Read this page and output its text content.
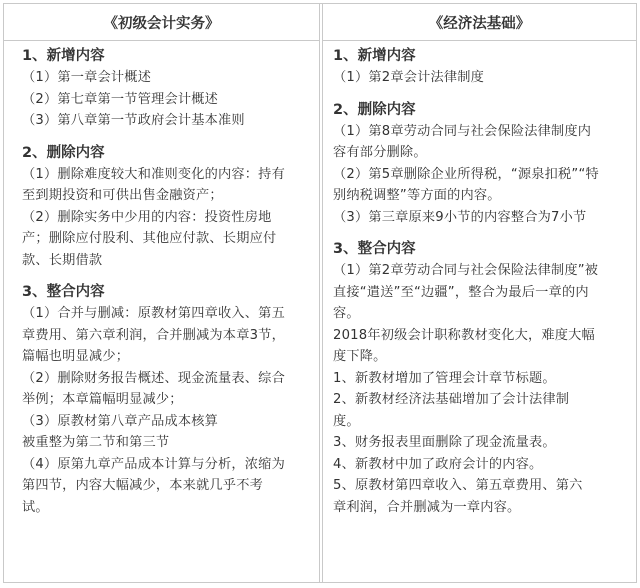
《初级会计实务》
1、新增内容
（1）第一章会计概述
（2）第七章第一节管理会计概述
（3）第八章第一节政府会计基本准则
2、删除内容
（1）删除难度较大和准则变化的内容：持有
至到期投资和可供出售金融资产；
（2）删除实务中少用的内容：投资性房地
产；删除应付股利、其他应付款、长期应付
款、长期借款
3、整合内容
（1）合并与删减：原教材第四章收入、第五
章费用、第六章利润，合并删减为本章3节，
篇幅也明显减少；
（2）删除财务报告概述、现金流量表、综合
举例；本章篇幅明显减少；
（3）原教材第八章产品成本核算
被重整为第二节和第三节
（4）原第九章产品成本计算与分析，浓缩为
第四节，内容大幅减少，本来就几乎不考
试。
《经济法基础》
1、新增内容
（1）第2章会计法律制度
2、删除内容
（1）第8章劳动合同与社会保险法律制度内
容有部分删除。
（2）第5章删除企业所得税，“源泉扣税”“特
别纳税调整”等方面的内容。
（3）第三章原来9小节的内容整合为7小节
3、整合内容
（1）第2章劳动合同与社会保险法律制度”被
直接“遣送”至“边疆”，整合为最后一章的内
容。
2018年初级会计职称教材变化大，难度大幅
度下降。
1、新教材增加了管理会计章节标题。
2、新教材经济法基础增加了会计法律制
度。
3、财务报表里面删除了现金流量表。
4、新教材中加了政府会计的内容。
5、原教材第四章收入、第五章费用、第六
章利润，合并删减为一章内容。
